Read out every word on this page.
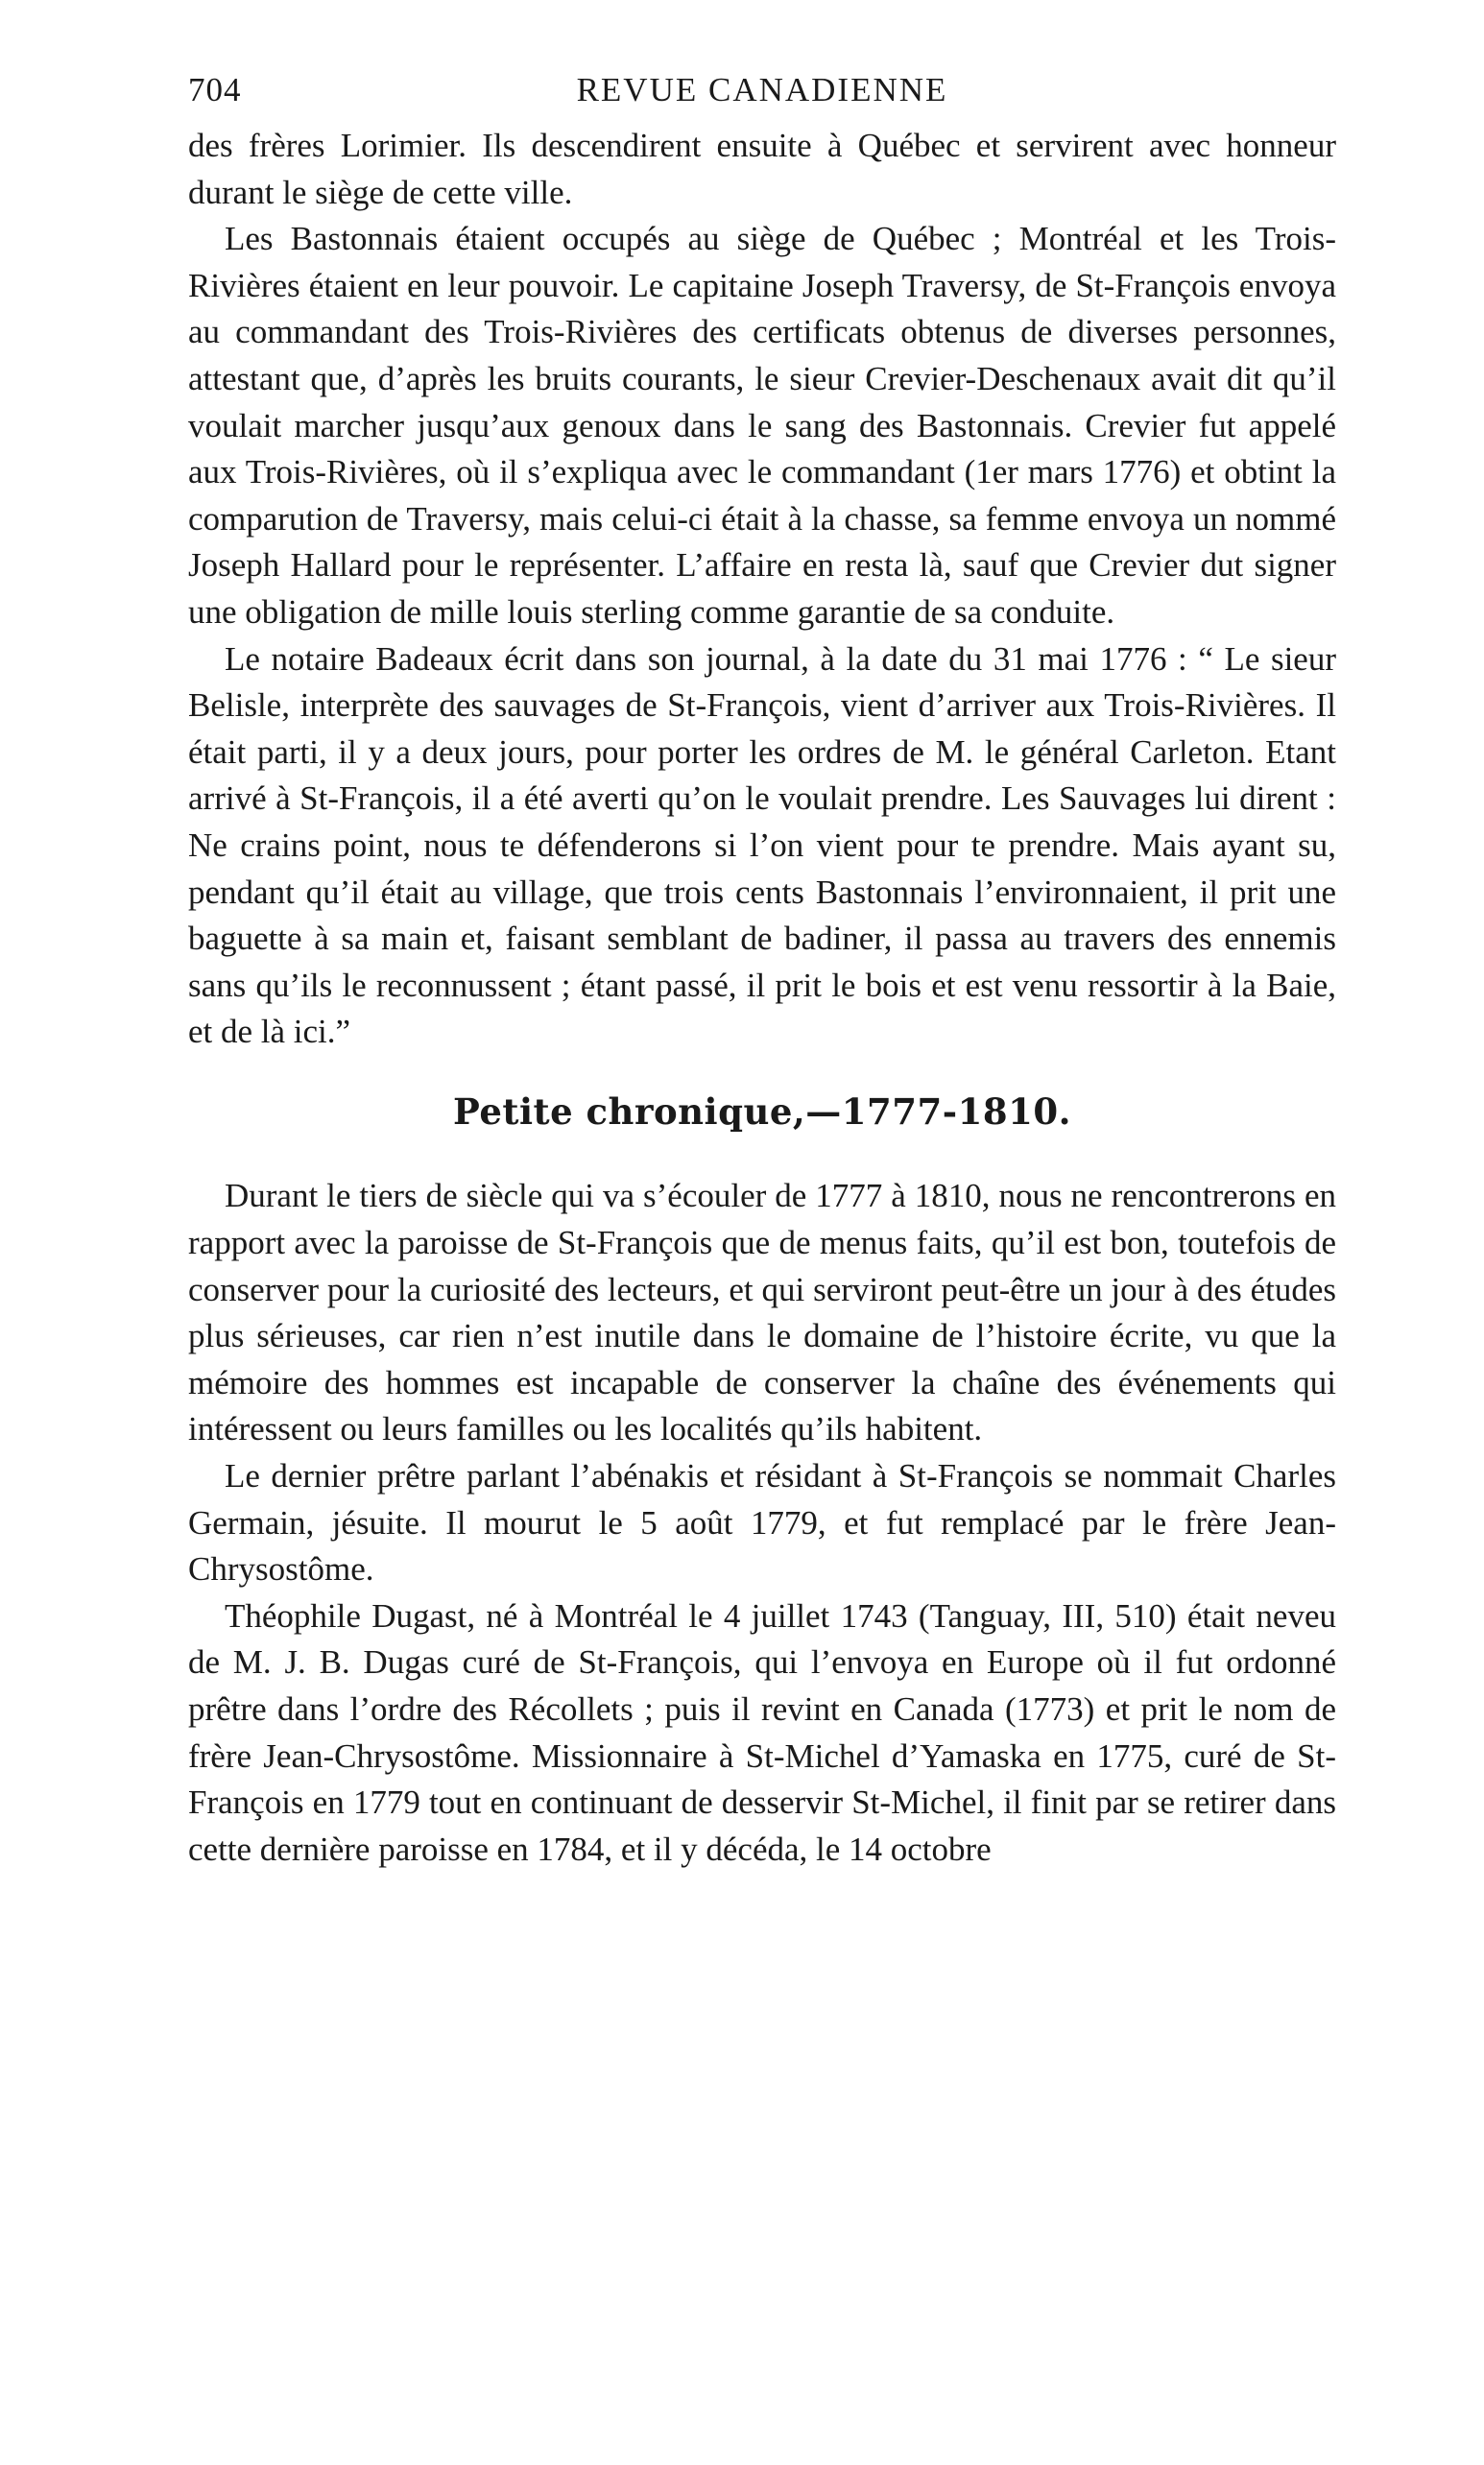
704	REVUE CANADIENNE

des frères Lorimier. Ils descendirent ensuite à Québec et servirent avec honneur durant le siège de cette ville.

Les Bastonnais étaient occupés au siège de Québec ; Montréal et les Trois-Rivières étaient en leur pouvoir. Le capitaine Joseph Traversy, de St-François envoya au commandant des Trois-Rivières des certificats obtenus de diverses personnes, attestant que, d’après les bruits courants, le sieur Crevier-Deschenaux avait dit qu’il voulait marcher jusqu’aux genoux dans le sang des Bastonnais. Crevier fut appelé aux Trois-Rivières, où il s’expliqua avec le commandant (1er mars 1776) et obtint la comparution de Traversy, mais celui-ci était à la chasse, sa femme envoya un nommé Joseph Hallard pour le représenter. L’affaire en resta là, sauf que Crevier dut signer une obligation de mille louis sterling comme garantie de sa conduite.

Le notaire Badeaux écrit dans son journal, à la date du 31 mai 1776 : “ Le sieur Belisle, interprète des sauvages de St-François, vient d’arriver aux Trois-Rivières. Il était parti, il y a deux jours, pour porter les ordres de M. le général Carleton. Etant arrivé à St-François, il a été averti qu’on le voulait prendre. Les Sauvages lui dirent : Ne crains point, nous te défenderons si l’on vient pour te prendre. Mais ayant su, pendant qu’il était au village, que trois cents Bastonnais l’environnaient, il prit une baguette à sa main et, faisant semblant de badiner, il passa au travers des ennemis sans qu’ils le reconnussent ; étant passé, il prit le bois et est venu ressortir à la Baie, et de là ici.”

Petite chronique,—1777-1810.

Durant le tiers de siècle qui va s’écouler de 1777 à 1810, nous ne rencontrerons en rapport avec la paroisse de St-François que de menus faits, qu’il est bon, toutefois de conserver pour la curiosité des lecteurs, et qui serviront peut-être un jour à des études plus sérieuses, car rien n’est inutile dans le domaine de l’histoire écrite, vu que la mémoire des hommes est incapable de conserver la chaîne des événements qui intéressent ou leurs familles ou les localités qu’ils habitent.

Le dernier prêtre parlant l’abénakis et résidant à St-François se nommait Charles Germain, jésuite. Il mourut le 5 août 1779, et fut remplacé par le frère Jean-Chrysostôme.

Théophile Dugast, né à Montréal le 4 juillet 1743 (Tanguay, III, 510) était neveu de M. J. B. Dugas curé de St-François, qui l’envoya en Europe où il fut ordonné prêtre dans l’ordre des Récollets ; puis il revint en Canada (1773) et prit le nom de frère Jean-Chrysostôme. Missionnaire à St-Michel d’Yamaska en 1775, curé de St-François en 1779 tout en continuant de desservir St-Michel, il finit par se retirer dans cette dernière paroisse en 1784, et il y décéda, le 14 octobre
